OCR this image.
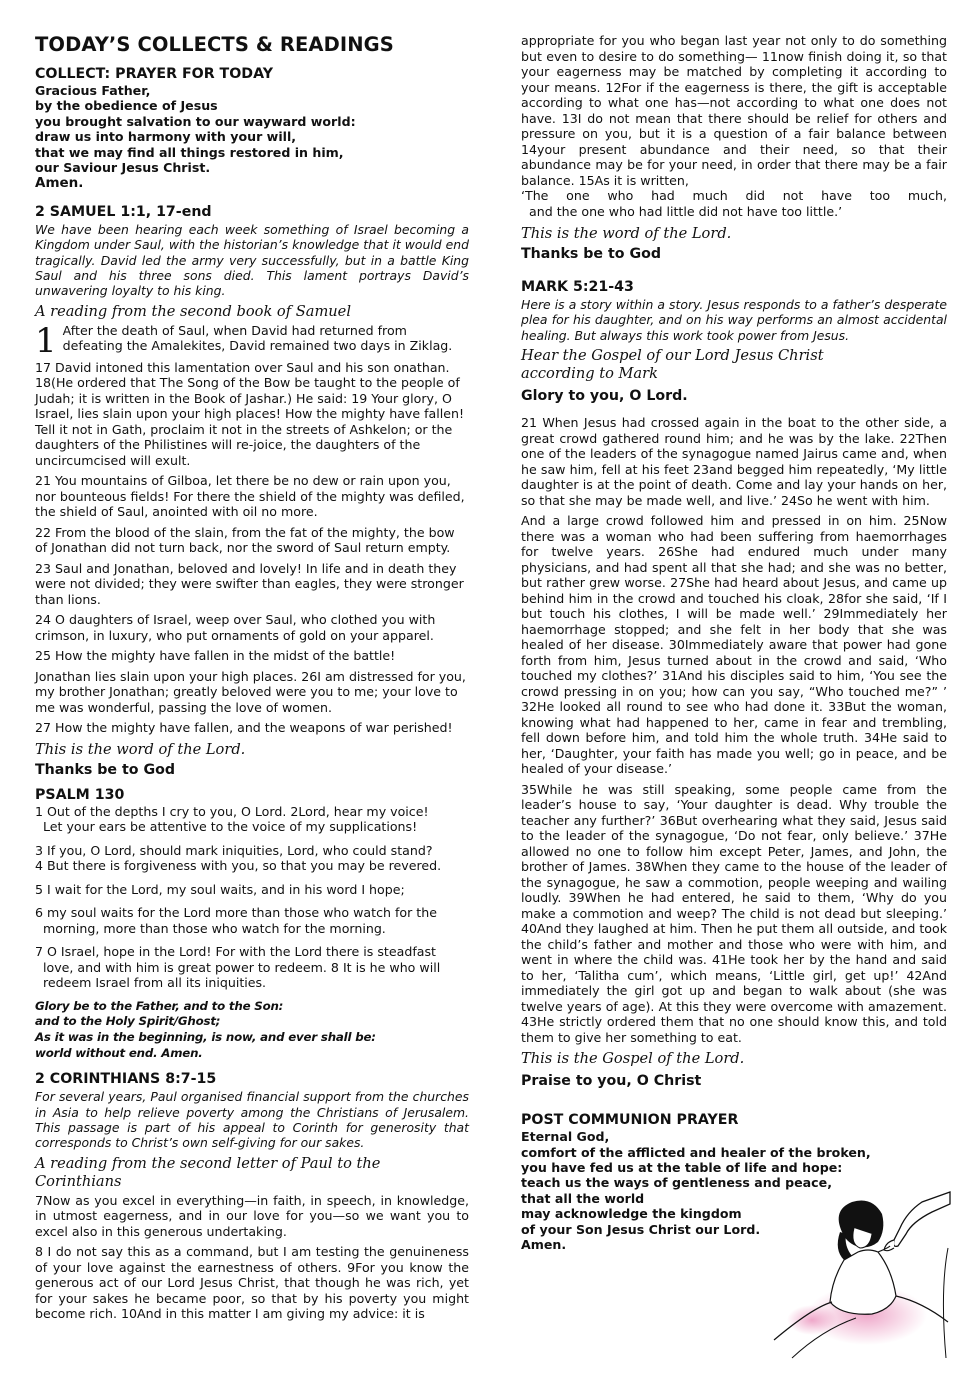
TODAY’S COLLECTS & READINGS
COLLECT: PRAYER FOR TODAY
Gracious Father,
by the obedience of Jesus
you brought salvation to our wayward world:
draw us into harmony with your will,
that we may find all things restored in him,
our Saviour Jesus Christ.
Amen.
2 SAMUEL 1:1, 17-end
We have been hearing each week something of Israel becoming a Kingdom under Saul, with the historian’s knowledge that it would end tragically. David led the army very successfully, but in a battle King Saul and his three sons died. This lament portrays David’s unwavering loyalty to his king.
A reading from the second book of Samuel
1 After the death of Saul, when David had returned from defeating the Amalekites, David remained two days in Ziklag.
17 David intoned this lamentation over Saul and his son onathan. 18(He ordered that The Song of the Bow be taught to the people of Judah; it is written in the Book of Jashar.) He said: 19 Your glory, O Israel, lies slain upon your high places! How the mighty have fallen! Tell it not in Gath, proclaim it not in the streets of Ashkelon; or the daughters of the Philistines will re-joice, the daughters of the uncircumcised will exult.
21 You mountains of Gilboa, let there be no dew or rain upon you, nor bounteous fields! For there the shield of the mighty was defiled, the shield of Saul, anointed with oil no more.
22 From the blood of the slain, from the fat of the mighty, the bow of Jonathan did not turn back, nor the sword of Saul return empty.
23 Saul and Jonathan, beloved and lovely! In life and in death they were not divided; they were swifter than eagles, they were stronger than lions.
24 O daughters of Israel, weep over Saul, who clothed you with crimson, in luxury, who put ornaments of gold on your apparel.
25 How the mighty have fallen in the midst of the battle!
Jonathan lies slain upon your high places. 26I am distressed for you, my brother Jonathan; greatly beloved were you to me; your love to me was wonderful, passing the love of women.
27 How the mighty have fallen, and the weapons of war perished!
This is the word of the Lord.
Thanks be to God
PSALM 130
1 Out of the depths I cry to you, O Lord. 2Lord, hear my voice!
Let your ears be attentive to the voice of my supplications!
3 If you, O Lord, should mark iniquities, Lord, who could stand?
4 But there is forgiveness with you, so that you may be revered.
5 I wait for the Lord, my soul waits, and in his word I hope;
6 my soul waits for the Lord more than those who watch for the
morning, more than those who watch for the morning.
7 O Israel, hope in the Lord! For with the Lord there is steadfast
love, and with him is great power to redeem. 8 It is he who will
redeem Israel from all its iniquities.
Glory be to the Father, and to the Son:
and to the Holy Spirit/Ghost;
As it was in the beginning, is now, and ever shall be:
world without end. Amen.
2 CORINTHIANS 8:7-15
For several years, Paul organised financial support from the churches in Asia to help relieve poverty among the Christians of Jerusalem. This passage is part of his appeal to Corinth for generosity that corresponds to Christ’s own self-giving for our sakes.
A reading from the second letter of Paul to the Corinthians
7Now as you excel in everything—in faith, in speech, in knowledge, in utmost eagerness, and in our love for you—so we want you to excel also in this generous undertaking.
8 I do not say this as a command, but I am testing the genuineness of your love against the earnestness of others. 9For you know the generous act of our Lord Jesus Christ, that though he was rich, yet for your sakes he became poor, so that by his poverty you might become rich. 10And in this matter I am giving my advice: it is
appropriate for you who began last year not only to do something but even to desire to do something— 11now finish doing it, so that your eagerness may be matched by completing it according to your means. 12For if the eagerness is there, the gift is acceptable according to what one has—not according to what one does not have. 13I do not mean that there should be relief for others and pressure on you, but it is a question of a fair balance between 14your present abundance and their need, so that their abundance may be for your need, in order that there may be a fair balance. 15As it is written,
‘The one who had much did not have too much,
and the one who had little did not have too little.’
This is the word of the Lord.
Thanks be to God
MARK 5:21-43
Here is a story within a story. Jesus responds to a father’s desperate plea for his daughter, and on his way performs an almost accidental healing. But always this work took power from Jesus.
Hear the Gospel of our Lord Jesus Christ
according to Mark
Glory to you, O Lord.
21 When Jesus had crossed again in the boat to the other side, a great crowd gathered round him; and he was by the lake. 22Then one of the leaders of the synagogue named Jairus came and, when he saw him, fell at his feet 23and begged him repeatedly, ‘My little daughter is at the point of death. Come and lay your hands on her, so that she may be made well, and live.’ 24So he went with him.
And a large crowd followed him and pressed in on him. 25Now there was a woman who had been suffering from haemorrhages for twelve years. 26She had endured much under many physicians, and had spent all that she had; and she was no better, but rather grew worse. 27She had heard about Jesus, and came up behind him in the crowd and touched his cloak, 28for she said, ‘If I but touch his clothes, I will be made well.’ 29Immediately her haemorrhage stopped; and she felt in her body that she was healed of her disease. 30Immediately aware that power had gone forth from him, Jesus turned about in the crowd and said, ‘Who touched my clothes?’ 31And his disciples said to him, ‘You see the crowd pressing in on you; how can you say, “Who touched me?” ’ 32He looked all round to see who had done it. 33But the woman, knowing what had happened to her, came in fear and trembling, fell down before him, and told him the whole truth. 34He said to her, ‘Daughter, your faith has made you well; go in peace, and be healed of your disease.’
35While he was still speaking, some people came from the leader’s house to say, ‘Your daughter is dead. Why trouble the teacher any further?’ 36But overhearing what they said, Jesus said to the leader of the synagogue, ‘Do not fear, only believe.’ 37He allowed no one to follow him except Peter, James, and John, the brother of James. 38When they came to the house of the leader of the synagogue, he saw a commotion, people weeping and wailing loudly. 39When he had entered, he said to them, ‘Why do you make a commotion and weep? The child is not dead but sleeping.’ 40And they laughed at him. Then he put them all outside, and took the child’s father and mother and those who were with him, and went in where the child was. 41He took her by the hand and said to her, ‘Talitha cum’, which means, ‘Little girl, get up!’ 42And immediately the girl got up and began to walk about (she was twelve years of age). At this they were overcome with amazement. 43He strictly ordered them that no one should know this, and told them to give her something to eat.
This is the Gospel of the Lord.
Praise to you, O Christ
POST COMMUNION PRAYER
Eternal God,
comfort of the afflicted and healer of the broken,
you have fed us at the table of life and hope:
teach us the ways of gentleness and peace,
that all the world
may acknowledge the kingdom
of your Son Jesus Christ our Lord.
Amen.
